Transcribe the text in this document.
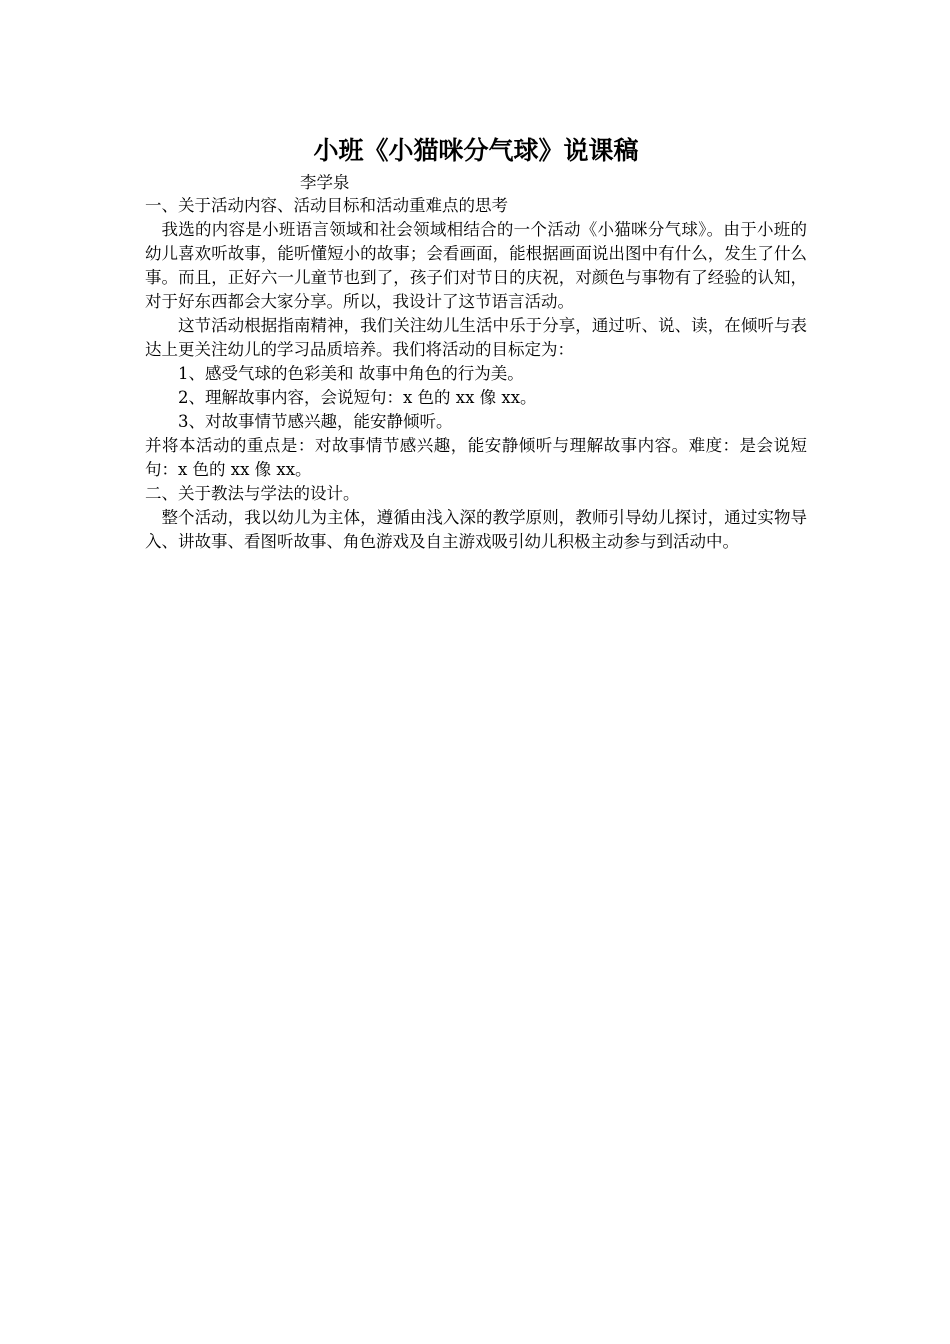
小班《小猫咪分气球》说课稿

李学泉

一、关于活动内容、活动目标和活动重难点的思考

我选的内容是小班语言领域和社会领域相结合的一个活动《小猫咪分气球》。由于小班的幼儿喜欢听故事，能听懂短小的故事；会看画面，能根据画面说出图中有什么，发生了什么事。而且，正好六一儿童节也到了，孩子们对节日的庆祝，对颜色与事物有了经验的认知，对于好东西都会大家分享。所以，我设计了这节语言活动。

这节活动根据指南精神，我们关注幼儿生活中乐于分享，通过听、说、读，在倾听与表达上更关注幼儿的学习品质培养。我们将活动的目标定为：

1、感受气球的色彩美和 故事中角色的行为美。

2、理解故事内容，会说短句：x 色的 xx 像 xx。

3、对故事情节感兴趣，能安静倾听。

并将本活动的重点是：对故事情节感兴趣，能安静倾听与理解故事内容。难度：是会说短句：x 色的 xx 像 xx。

二、关于教法与学法的设计。

整个活动，我以幼儿为主体，遵循由浅入深的教学原则，教师引导幼儿探讨，通过实物导入、讲故事、看图听故事、角色游戏及自主游戏吸引幼儿积极主动参与到活动中。
